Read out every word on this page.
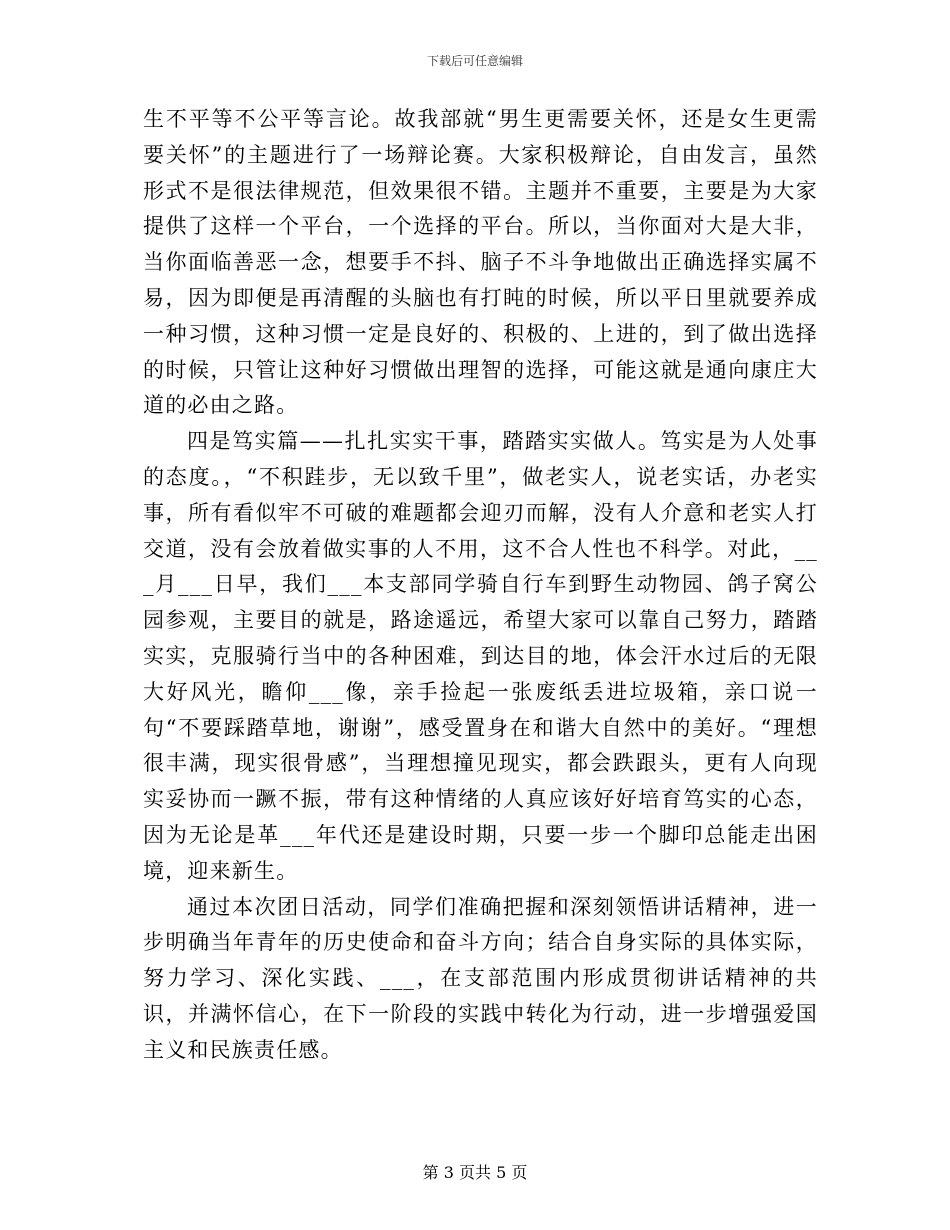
下载后可任意编辑

生不平等不公平等言论。故我部就“男生更需要关怀，还是女生更需要关怀”的主题进行了一场辩论赛。大家积极辩论，自由发言，虽然形式不是很法律规范，但效果很不错。主题并不重要，主要是为大家提供了这样一个平台，一个选择的平台。所以，当你面对大是大非，当你面临善恶一念，想要手不抖、脑子不斗争地做出正确选择实属不易，因为即便是再清醒的头脑也有打盹的时候，所以平日里就要养成一种习惯，这种习惯一定是良好的、积极的、上进的，到了做出选择的时候，只管让这种好习惯做出理智的选择，可能这就是通向康庄大道的必由之路。

四是笃实篇——扎扎实实干事，踏踏实实做人。笃实是为人处事的态度。，“不积跬步，无以致千里”，做老实人，说老实话，办老实事，所有看似牢不可破的难题都会迎刃而解，没有人介意和老实人打交道，没有会放着做实事的人不用，这不合人性也不科学。对此，___月___日早，我们___本支部同学骑自行车到野生动物园、鸽子窝公园参观，主要目的就是，路途遥远，希望大家可以靠自己努力，踏踏实实，克服骑行当中的各种困难，到达目的地，体会汗水过后的无限大好风光，瞻仰___像，亲手捡起一张废纸丢进垃圾箱，亲口说一句“不要踩踏草地，谢谢”，感受置身在和谐大自然中的美好。“理想很丰满，现实很骨感”，当理想撞见现实，都会跌跟头，更有人向现实妥协而一蹶不振，带有这种情绪的人真应该好好培育笃实的心态，因为无论是革___年代还是建设时期，只要一步一个脚印总能走出困境，迎来新生。

通过本次团日活动，同学们准确把握和深刻领悟讲话精神，进一步明确当年青年的历史使命和奋斗方向；结合自身实际的具体实际，努力学习、深化实践、___，在支部范围内形成贯彻讲话精神的共识，并满怀信心，在下一阶段的实践中转化为行动，进一步增强爱国主义和民族责任感。

第 3 页共 5 页
